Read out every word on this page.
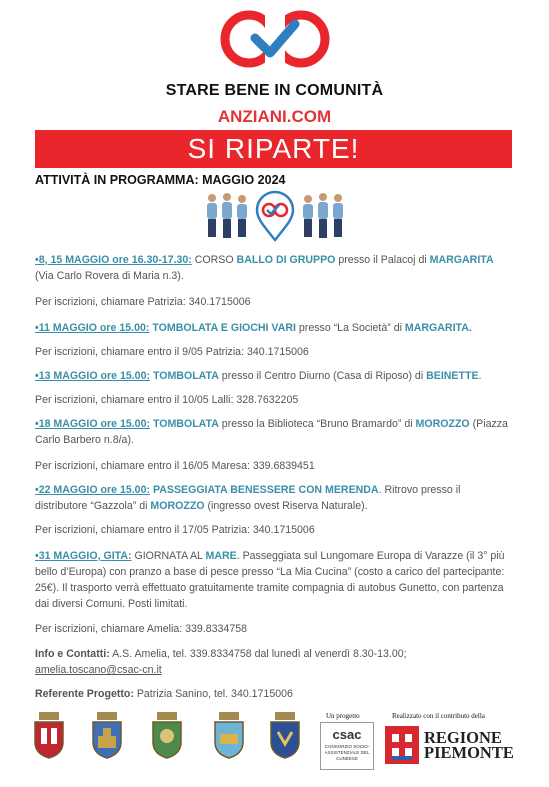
STARE BENE IN COMUNITÀ
ANZIANI.COM
SI RIPARTE!
ATTIVITÀ IN PROGRAMMA: MAGGIO 2024
•8, 15 MAGGIO ore 16.30-17.30: CORSO BALLO DI GRUPPO presso il Palacoj di MARGARITA (Via Carlo Rovera di Maria n.3).
Per iscrizioni, chiamare Patrizia: 340.1715006
•11 MAGGIO ore 15.00: TOMBOLATA E GIOCHI VARI presso “La Società” di MARGARITA.
Per iscrizioni, chiamare entro il 9/05 Patrizia: 340.1715006
•13 MAGGIO ore 15.00: TOMBOLATA presso il Centro Diurno (Casa di Riposo) di BEINETTE.
Per iscrizioni, chiamare entro il 10/05 Lalli: 328.7632205
•18 MAGGIO ore 15.00: TOMBOLATA presso la Biblioteca “Bruno Bramardo” di MOROZZO (Piazza Carlo Barbero n.8/a).
Per iscrizioni, chiamare entro il 16/05 Maresa: 339.6839451
•22 MAGGIO ore 15.00: PASSEGGIATA BENESSERE CON MERENDA. Ritrovo presso il distributore “Gazzola” di MOROZZO (ingresso ovest Riserva Naturale).
Per iscrizioni, chiamare entro il 17/05 Patrizia: 340.1715006
•31 MAGGIO, GITA: GIORNATA AL MARE. Passeggiata sul Lungomare Europa di Varazze (il 3° più bello d’Europa) con pranzo a base di pesce presso “La Mia Cucina” (costo a carico del partecipante: 25€). Il trasporto verrà effettuato gratuitamente tramite compagnia di autobus Gunetto, con partenza dai diversi Comuni. Posti limitati.
Per iscrizioni, chiamare Amelia: 339.8334758
Info e Contatti: A.S. Amelia, tel. 339.8334758 dal lunedì al venerdì 8.30-13.00;
amelia.toscano@csac-cn.it
Referente Progetto: Patrizia Sanino, tel. 340.1715006
Un progetto
csac
CONSORZIO SOCIO-ASSISTENZIALE DEL CUNEESE
Realizzato con il contributo della
REGIONE
PIEMONTE
